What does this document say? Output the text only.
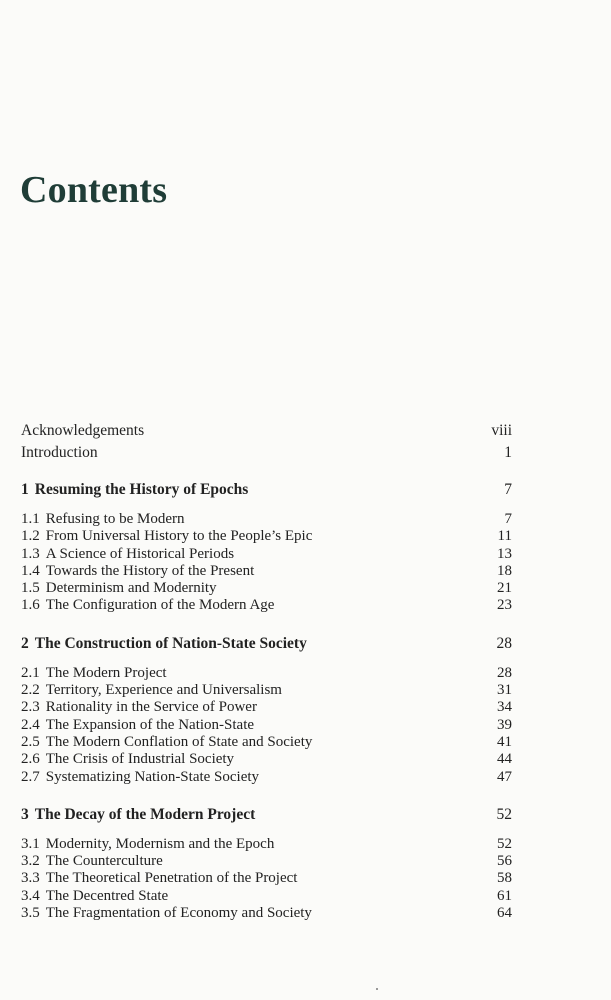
Contents
Acknowledgements	viii
Introduction	1
1 Resuming the History of Epochs	7
1.1 Refusing to be Modern	7
1.2 From Universal History to the People’s Epic	11
1.3 A Science of Historical Periods	13
1.4 Towards the History of the Present	18
1.5 Determinism and Modernity	21
1.6 The Configuration of the Modern Age	23
2 The Construction of Nation-State Society	28
2.1 The Modern Project	28
2.2 Territory, Experience and Universalism	31
2.3 Rationality in the Service of Power	34
2.4 The Expansion of the Nation-State	39
2.5 The Modern Conflation of State and Society	41
2.6 The Crisis of Industrial Society	44
2.7 Systematizing Nation-State Society	47
3 The Decay of the Modern Project	52
3.1 Modernity, Modernism and the Epoch	52
3.2 The Counterculture	56
3.3 The Theoretical Penetration of the Project	58
3.4 The Decentred State	61
3.5 The Fragmentation of Economy and Society	64
